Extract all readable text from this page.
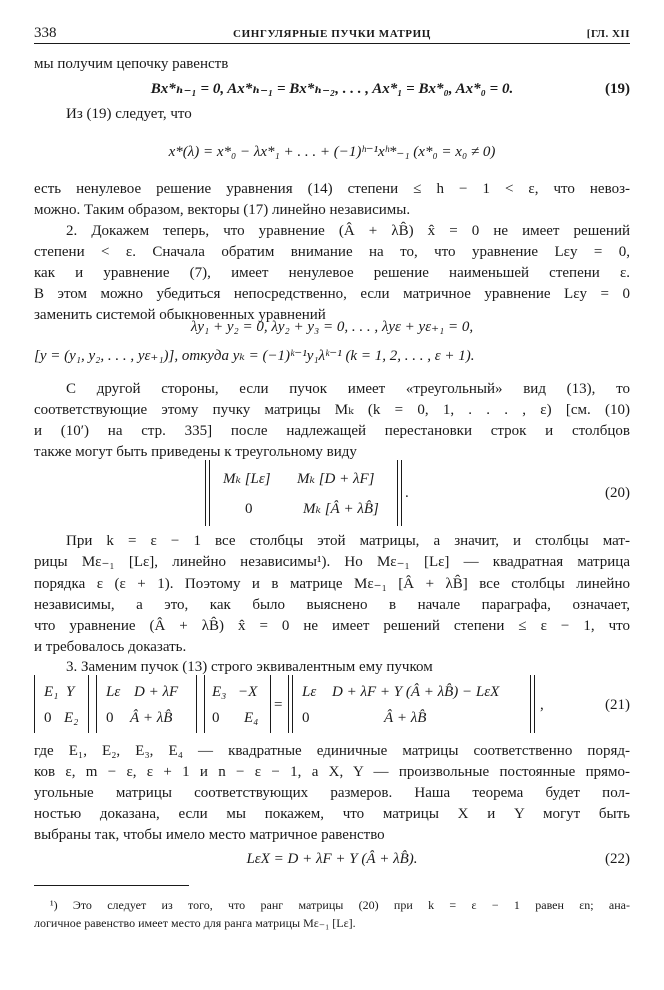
338	СИНГУЛЯРНЫЕ ПУЧКИ МАТРИЦ	[ГЛ. XII
мы получим цепочку равенств
Bx*ₕ₋₁ = 0, Ax*ₕ₋₁ = Bx*ₕ₋₂, . . . , Ax*₁ = Bx*₀, Ax*₀ = 0.	(19)
Из (19) следует, что
x*(λ) = x*₀ − λx*₁ + . . . + (−1)ʰ⁻¹xʰ*₋₁ (x*₀ = x₀ ≠ 0)
есть ненулевое решение уравнения (14) степени ≤ h − 1 < ε, что невоз-
можно. Таким образом, векторы (17) линейно независимы.
2. Докажем теперь, что уравнение (Â + λB̂) x̂ = 0 не имеет решений
степени < ε. Сначала обратим внимание на то, что уравнение Lεy = 0,
как и уравнение (7), имеет ненулевое решение наименьшей степени ε.
В этом можно убедиться непосредственно, если матричное уравнение Lεy = 0
заменить системой обыкновенных уравнений
λy₁ + y₂ = 0, λy₂ + y₃ = 0, . . . , λyε + yε₊₁ = 0,
[y = (y₁, y₂, . . . , yε₊₁)], откуда yₖ = (−1)ᵏ⁻¹y₁λᵏ⁻¹ (k = 1, 2, . . . , ε + 1).
С другой стороны, если пучок имеет «треугольный» вид (13), то
соответствующие этому пучку матрицы Mₖ (k = 0, 1, . . . , ε) [см. (10)
и (10′) на стр. 335] после надлежащей перестановки строк и столбцов
также могут быть приведены к треугольному виду
Mₖ [Lε] Mₖ [D + λF]
0	Mₖ [Â + λB̂]
.	(20)
При k = ε − 1 все столбцы этой матрицы, а значит, и столбцы мат-
рицы Mε₋₁ [Lε], линейно независимы¹). Но Mε₋₁ [Lε] — квадратная матрица
порядка ε (ε + 1). Поэтому и в матрице Mε₋₁ [Â + λB̂] все столбцы линейно
независимы, а это, как было выяснено в начале параграфа, означает,
что уравнение (Â + λB̂) x̂ = 0 не имеет решений степени ≤ ε − 1, что
и требовалось доказать.
3. Заменим пучок (13) строго эквивалентным ему пучком
E₁ Y
0 E₂
Lε D + λF
0 Â + λB̂
E₃ −X
0 E₄
=
Lε D + λF + Y (Â + λB̂) − LεX
0	Â + λB̂
,	(21)
где E₁, E₂, E₃, E₄ — квадратные единичные матрицы соответственно поряд-
ков ε, m − ε, ε + 1 и n − ε − 1, а X, Y — произвольные постоянные прямо-
угольные матрицы соответствующих размеров. Наша теорема будет пол-
ностью доказана, если мы покажем, что матрицы X и Y могут быть
выбраны так, чтобы имело место матричное равенство
LεX = D + λF + Y (Â + λB̂).	(22)
¹) Это следует из того, что ранг матрицы (20) при k = ε − 1 равен εn; ана-
логичное равенство имеет место для ранга матрицы Mε₋₁ [Lε].
